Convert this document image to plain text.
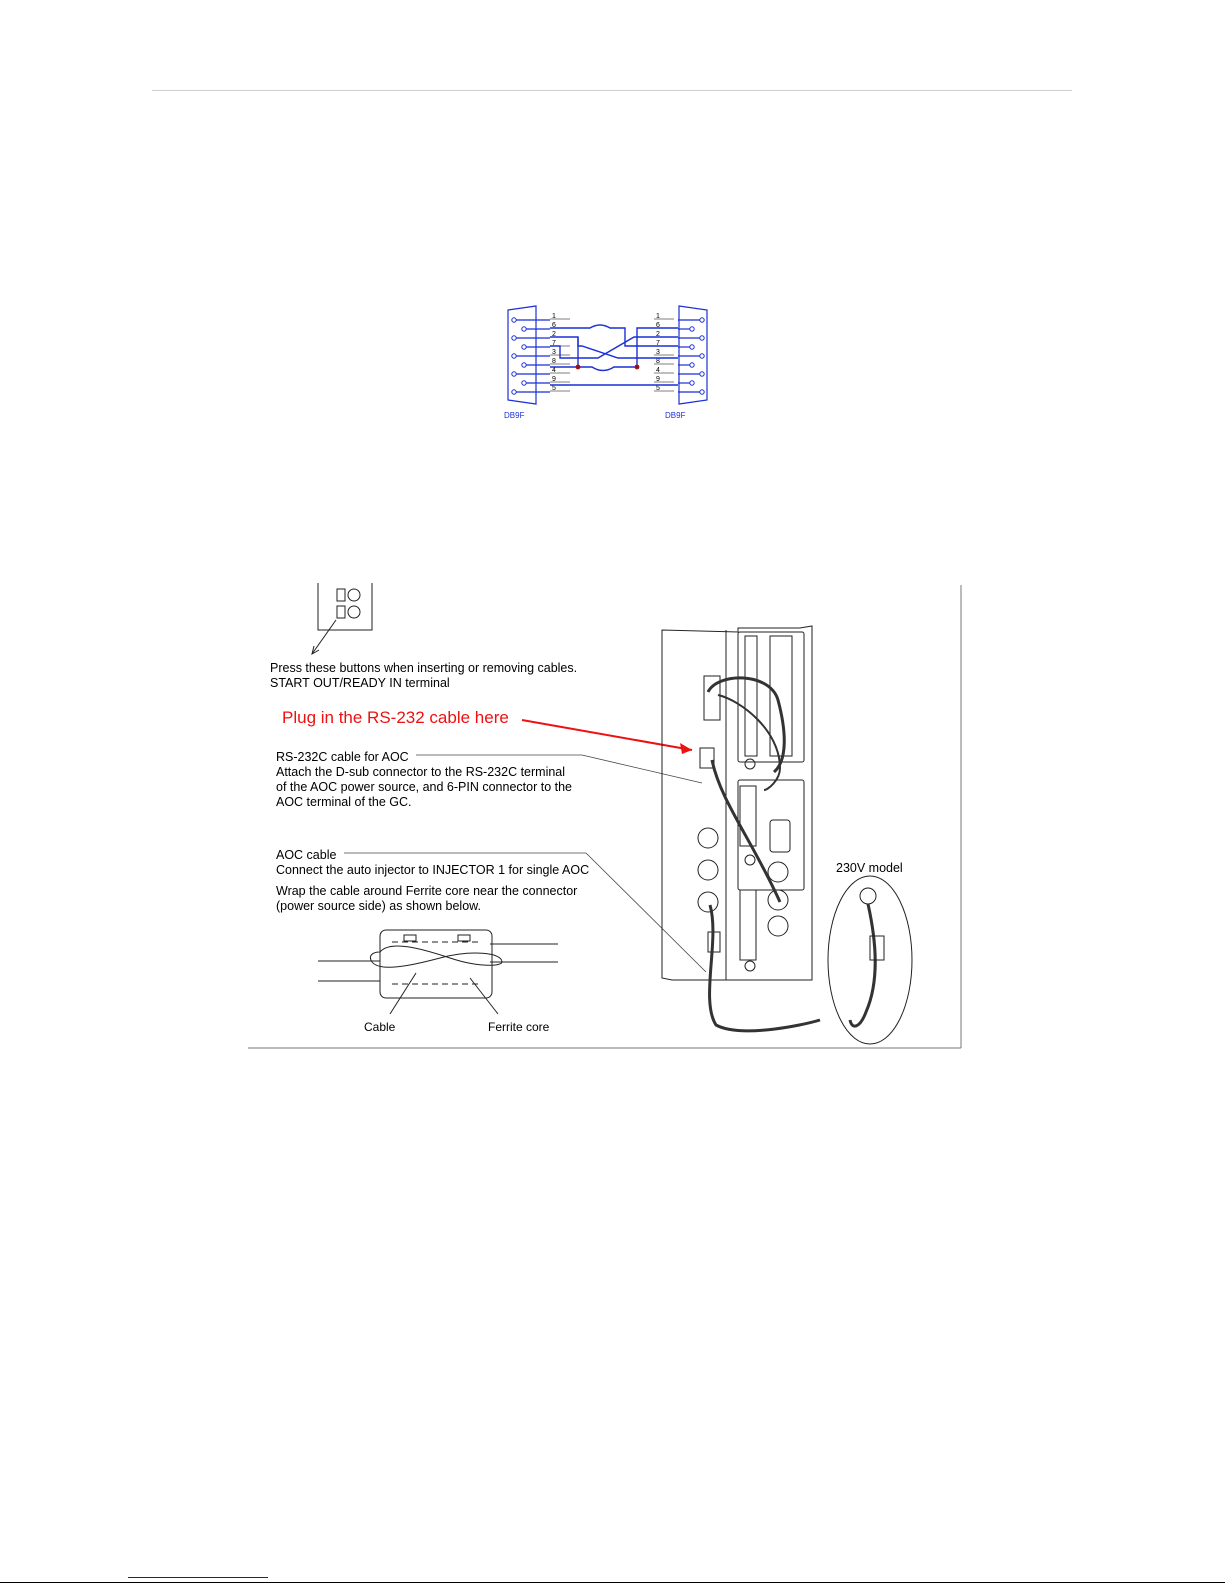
1	1
6	6
2	2
7	7
3	3
8	8
4	4
9	9
5	5
DB9F	DB9F
Press these buttons when inserting or removing cables.
START OUT/READY IN terminal
Plug in the RS-232 cable here
RS-232C cable for AOC
Attach the D-sub connector to the RS-232C terminal
of the AOC power source, and 6-PIN connector to the
AOC terminal of the GC.
AOC cable
Connect the auto injector to INJECTOR 1 for single AOC
Wrap the cable around Ferrite core near the connector
(power source side) as shown below.
Cable	Ferrite core
230V model
